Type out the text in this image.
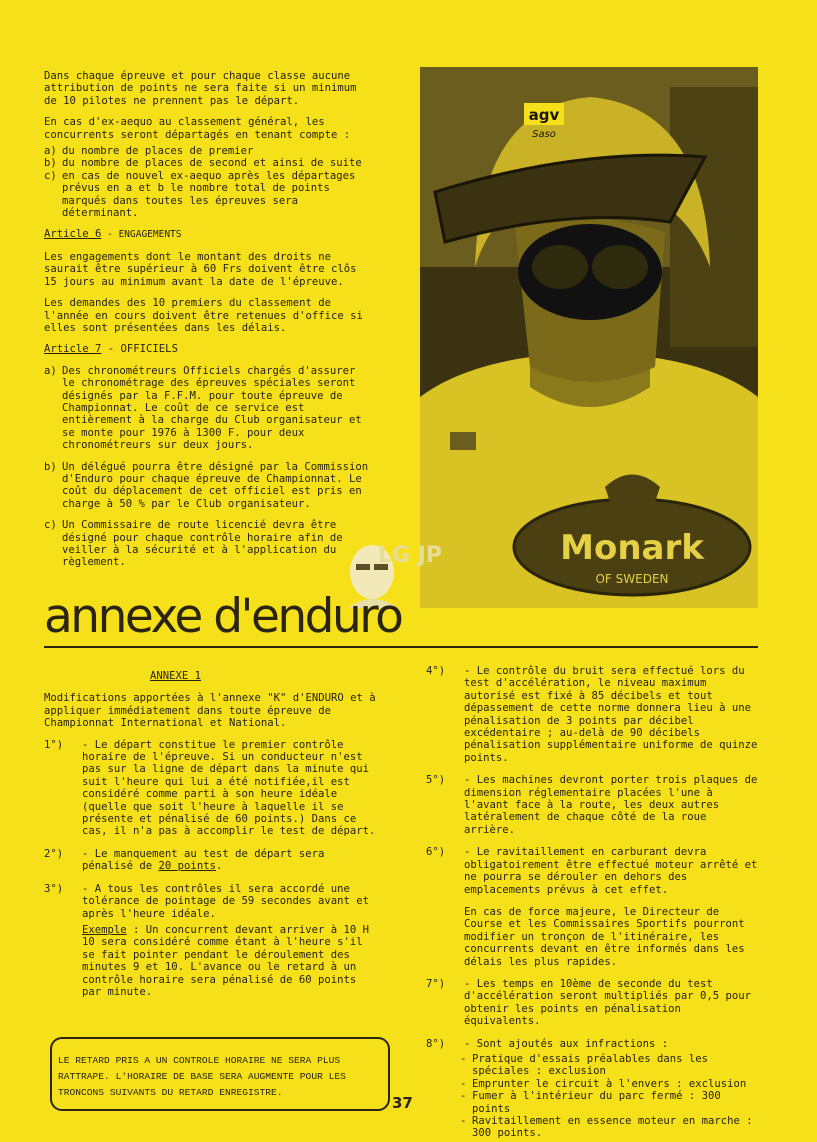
Dans chaque épreuve et pour chaque classe aucune attribution de points ne sera faite si un minimum de 10 pilotes ne prennent pas le départ.

En cas d'ex-aequo au classement général, les concurrents seront départagés en tenant compte :

a) du nombre de places de premier
b) du nombre de places de second et ainsi de suite
c) en cas de nouvel ex-aequo après les départages prévus en a et b le nombre total de points marqués dans toutes les épreuves sera déterminant.
Article 6 - ENGAGEMENTS

Les engagements dont le montant des droits ne saurait être supérieur à 60 Frs doivent être clôs 15 jours au minimum avant la date de l'épreuve.

Les demandes des 10 premiers du classement de l'année en cours doivent être retenues d'office si elles sont présentées dans les délais.

Article 7 - OFFICIELS
a) Des chronométreurs Officiels chargés d'assurer le chronométrage des épreuves spéciales seront désignés par la F.F.M. pour toute épreuve de Championnat. Le coût de ce service est entièrement à la charge du Club organisateur et se monte pour 1976 à 1300 F. pour deux chronométreurs sur deux jours.
b) Un délégué pourra être désigné par la Commission d'Enduro pour chaque épreuve de Championnat. Le coût du déplacement de cet officiel est pris en charge à 50 % par le Club organisateur.
c) Un Commissaire de route licencié devra être désigné pour chaque contrôle horaire afin de veiller à la sécurité et à l'application du règlement.
agv
Saso
Monark
OF SWEDEN
LG JP
annexe d'enduro
ANNEXE 1

Modifications apportées à l'annexe "K" d'ENDURO et à appliquer immédiatement dans toute épreuve de Championnat International et National.

1°)	- Le départ constitue le premier contrôle horaire de l'épreuve. Si un conducteur n'est pas sur la ligne de départ dans la minute qui suit l'heure qui lui a été notifiée,il est considéré comme parti à son heure idéale (quelle que soit l'heure à laquelle il se présente et pénalisé de 60 points.) Dans ce cas, il n'a pas à accomplir le test de départ.
2°)	- Le manquement au test de départ sera pénalisé de 20 points.
3°)	- A tous les contrôles il sera accordé une tolérance de pointage de 59 secondes avant et après l'heure idéale.
Exemple : Un concurrent devant arriver à 10 H 10 sera considéré comme étant à l'heure s'il se fait pointer pendant le déroulement des minutes 9 et 10. L'avance ou le retard à un contrôle horaire sera pénalisé de 60 points par minute.
4°)	- Le contrôle du bruit sera effectué lors du test d'accélération, le niveau maximum autorisé est fixé à 85 décibels et tout dépassement de cette norme donnera lieu à une pénalisation de 3 points par décibel excédentaire ; au-delà de 90 décibels pénalisation supplémentaire uniforme de quinze points.
5°)	- Les machines devront porter trois plaques de dimension réglementaire placées l'une à l'avant face à la route, les deux autres latéralement de chaque côté de la roue arrière.
6°)	- Le ravitaillement en carburant devra obligatoirement être effectué moteur arrêté et ne pourra se dérouler en dehors des emplacements prévus à cet effet.
En cas de force majeure, le Directeur de Course et les Commissaires Sportifs pourront modifier un tronçon de l'itinéraire, les concurrents devant en être informés dans les délais les plus rapides.
7°)	- Les temps en 10ème de seconde du test d'accélération seront multipliés par 0,5 pour obtenir les points en pénalisation équivalents.
8°)	- Sont ajoutés aux infractions :
- Pratique d'essais préalables dans les spéciales : exclusion
- Emprunter le circuit à l'envers : exclusion
- Fumer à l'intérieur du parc fermé : 300 points
- Ravitaillement en essence moteur en marche : 300 points.
LE RETARD PRIS A UN CONTROLE HORAIRE NE SERA PLUS RATTRAPE. L'HORAIRE DE BASE SERA AUGMENTE POUR LES TRONCONS SUIVANTS DU RETARD ENREGISTRE.
37
